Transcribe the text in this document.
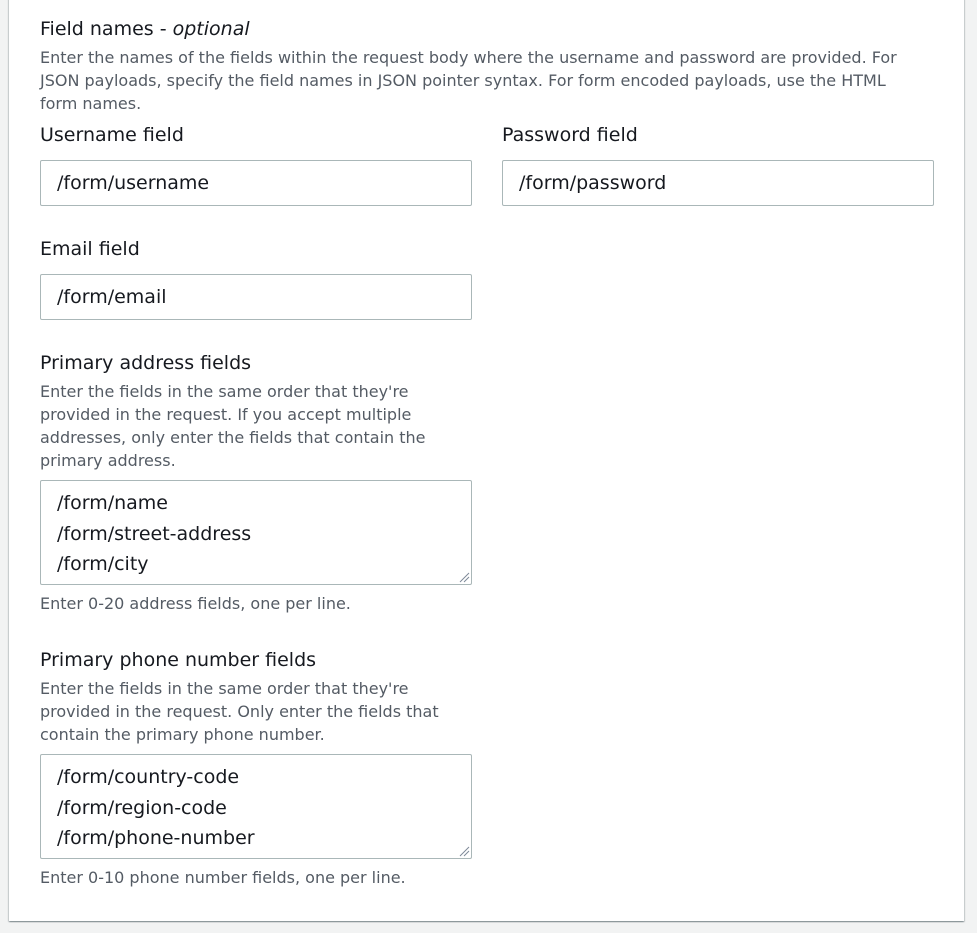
Field names - optional
Enter the names of the fields within the request body where the username and password are provided. For
JSON payloads, specify the field names in JSON pointer syntax. For form encoded payloads, use the HTML
form names.
Username field
/form/username
Password field
/form/password
Email field
/form/email
Primary address fields
Enter the fields in the same order that they're
provided in the request. If you accept multiple
addresses, only enter the fields that contain the
primary address.
/form/name
/form/street-address
/form/city
Enter 0-20 address fields, one per line.
Primary phone number fields
Enter the fields in the same order that they're
provided in the request. Only enter the fields that
contain the primary phone number.
/form/country-code
/form/region-code
/form/phone-number
Enter 0-10 phone number fields, one per line.
